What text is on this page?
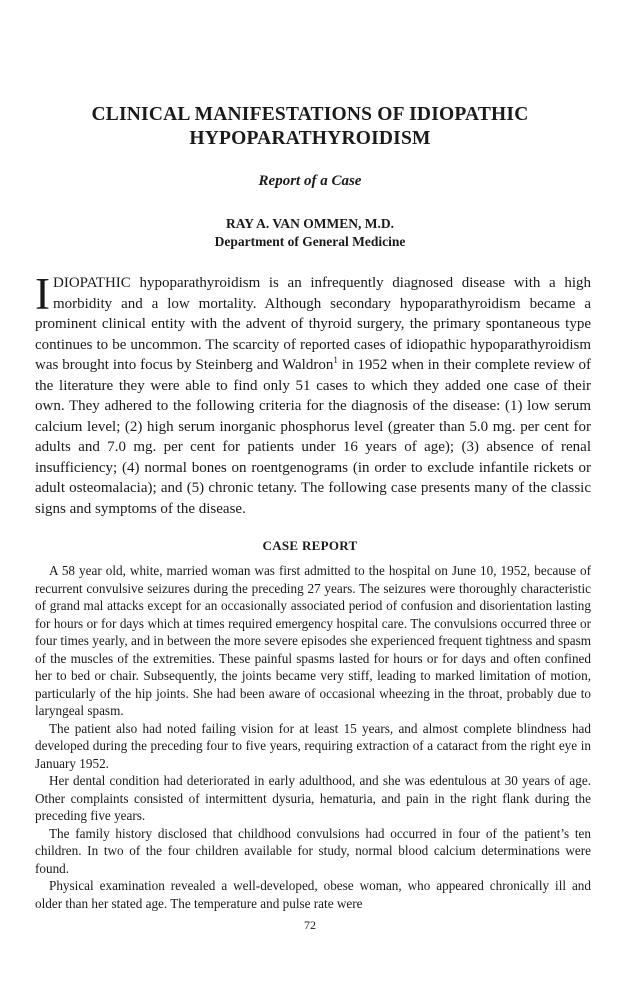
CLINICAL MANIFESTATIONS OF IDIOPATHIC
HYPOPARATHYROIDISM
Report of a Case
RAY A. VAN OMMEN, M.D.
Department of General Medicine
IDIOPATHIC hypoparathyroidism is an infrequently diagnosed disease with a high morbidity and a low mortality. Although secondary hypoparathyroidism became a prominent clinical entity with the advent of thyroid surgery, the primary spontaneous type continues to be uncommon. The scarcity of reported cases of idiopathic hypoparathyroidism was brought into focus by Steinberg and Waldron$^1$ in 1952 when in their complete review of the literature they were able to find only 51 cases to which they added one case of their own. They adhered to the following criteria for the diagnosis of the disease: (1) low serum calcium level; (2) high serum inorganic phosphorus level (greater than 5.0 mg. per cent for adults and 7.0 mg. per cent for patients under 16 years of age); (3) absence of renal insufficiency; (4) normal bones on roentgenograms (in order to exclude infantile rickets or adult osteomalacia); and (5) chronic tetany. The following case presents many of the classic signs and symptoms of the disease.
CASE REPORT

A 58 year old, white, married woman was first admitted to the hospital on June 10, 1952, because of recurrent convulsive seizures during the preceding 27 years. The seizures were thoroughly characteristic of grand mal attacks except for an occasionally associated period of confusion and disorientation lasting for hours or for days which at times required emergency hospital care. The convulsions occurred three or four times yearly, and in between the more severe episodes she experienced frequent tightness and spasm of the muscles of the extremities. These painful spasms lasted for hours or for days and often confined her to bed or chair. Subsequently, the joints became very stiff, leading to marked limitation of motion, particularly of the hip joints. She had been aware of occasional wheezing in the throat, probably due to laryngeal spasm.

The patient also had noted failing vision for at least 15 years, and almost complete blindness had developed during the preceding four to five years, requiring extraction of a cataract from the right eye in January 1952.

Her dental condition had deteriorated in early adulthood, and she was edentulous at 30 years of age. Other complaints consisted of intermittent dysuria, hematuria, and pain in the right flank during the preceding five years.

The family history disclosed that childhood convulsions had occurred in four of the patient’s ten children. In two of the four children available for study, normal blood calcium determinations were found.

Physical examination revealed a well-developed, obese woman, who appeared chronically ill and older than her stated age. The temperature and pulse rate were

72
